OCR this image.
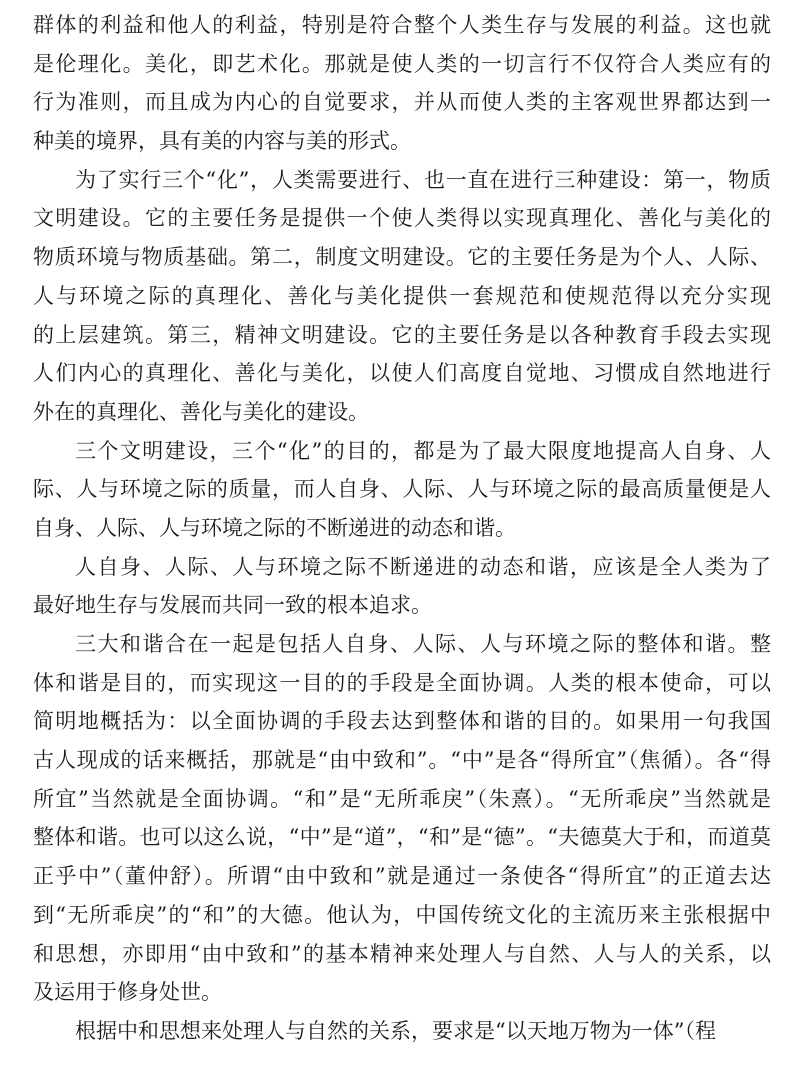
群体的利益和他人的利益，特别是符合整个人类生存与发展的利益。这也就
是伦理化。美化，即艺术化。那就是使人类的一切言行不仅符合人类应有的
行为准则，而且成为内心的自觉要求，并从而使人类的主客观世界都达到一
种美的境界，具有美的内容与美的形式。
为了实行三个“化”，人类需要进行、也一直在进行三种建设：第一，物质
文明建设。它的主要任务是提供一个使人类得以实现真理化、善化与美化的
物质环境与物质基础。第二，制度文明建设。它的主要任务是为个人、人际、
人与环境之际的真理化、善化与美化提供一套规范和使规范得以充分实现
的上层建筑。第三，精神文明建设。它的主要任务是以各种教育手段去实现
人们内心的真理化、善化与美化，以使人们高度自觉地、习惯成自然地进行
外在的真理化、善化与美化的建设。
三个文明建设，三个“化”的目的，都是为了最大限度地提高人自身、人
际、人与环境之际的质量，而人自身、人际、人与环境之际的最高质量便是人
自身、人际、人与环境之际的不断递进的动态和谐。
人自身、人际、人与环境之际不断递进的动态和谐，应该是全人类为了
最好地生存与发展而共同一致的根本追求。
三大和谐合在一起是包括人自身、人际、人与环境之际的整体和谐。整
体和谐是目的，而实现这一目的的手段是全面协调。人类的根本使命，可以
简明地概括为：以全面协调的手段去达到整体和谐的目的。如果用一句我国
古人现成的话来概括，那就是“由中致和”。“中”是各“得所宜”（焦循）。各“得
所宜”当然就是全面协调。“和”是“无所乖戾”（朱熹）。“无所乖戾”当然就是
整体和谐。也可以这么说，“中”是“道”，“和”是“德”。“夫德莫大于和，而道莫
正乎中”（董仲舒）。所谓“由中致和”就是通过一条使各“得所宜”的正道去达
到“无所乖戾”的“和”的大德。他认为，中国传统文化的主流历来主张根据中
和思想，亦即用“由中致和”的基本精神来处理人与自然、人与人的关系，以
及运用于修身处世。
根据中和思想来处理人与自然的关系，要求是“以天地万物为一体”（程
